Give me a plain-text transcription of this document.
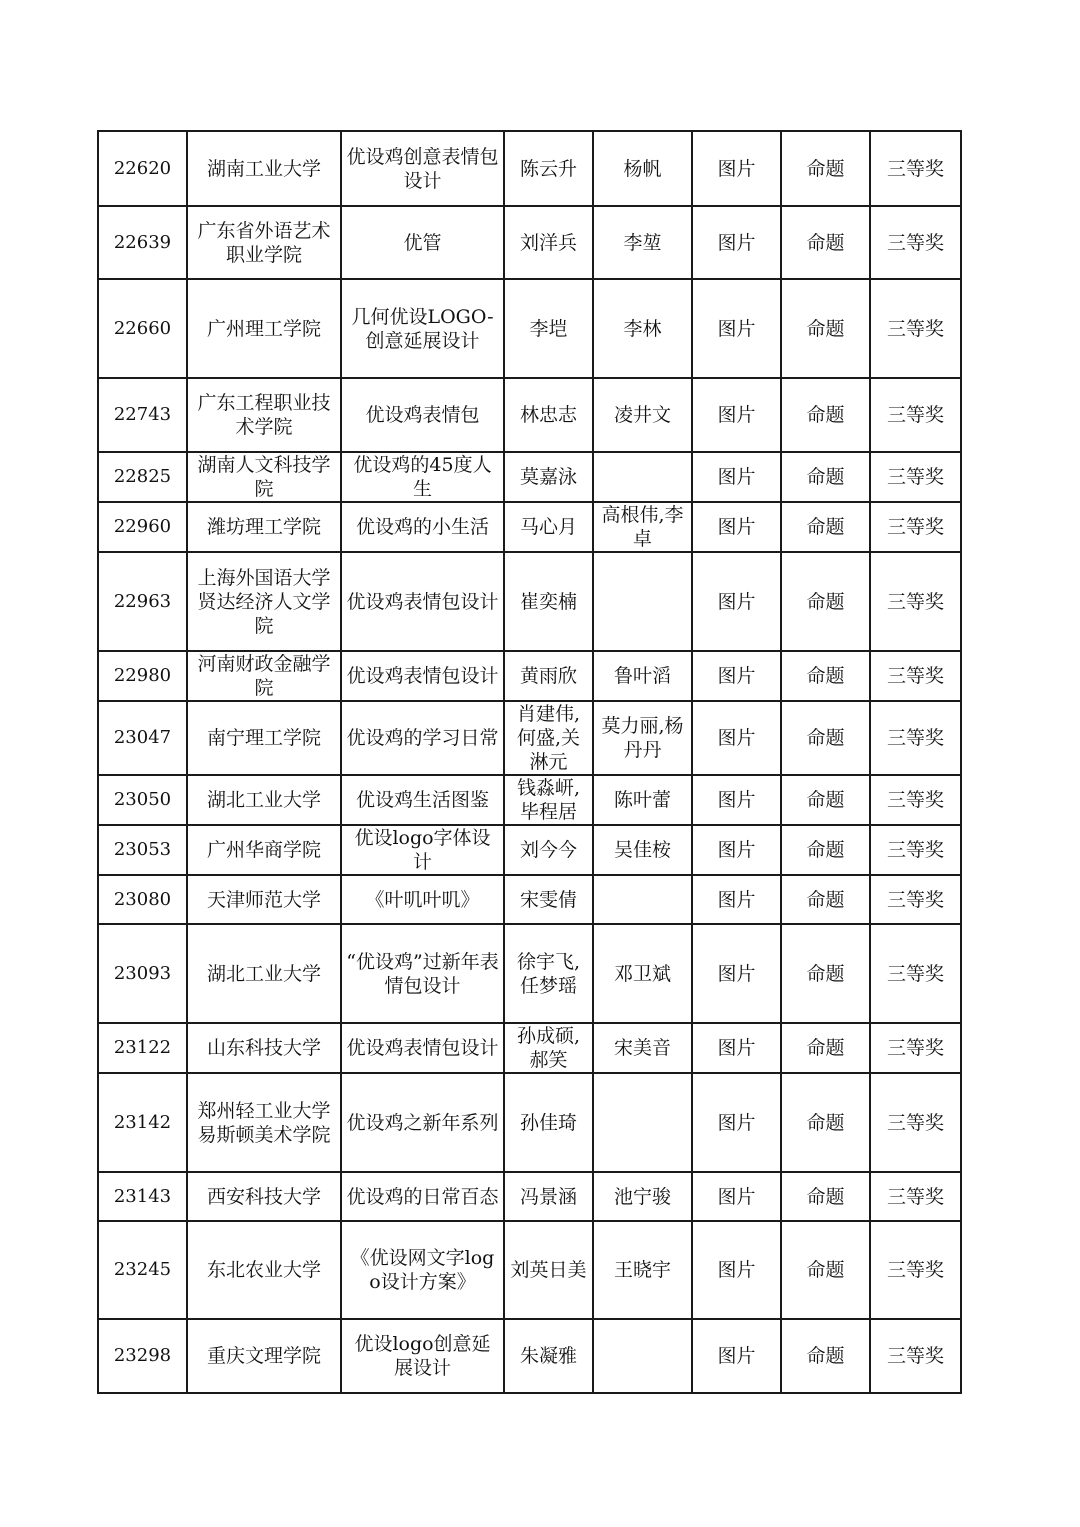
22620	湖南工业大学	优设鸡创意表情包设计	陈云升	杨帆	图片	命题	三等奖
22639	广东省外语艺术职业学院	优管	刘洋兵	李堃	图片	命题	三等奖
22660	广州理工学院	几何优设LOGO-创意延展设计	李垲	李林	图片	命题	三等奖
22743	广东工程职业技术学院	优设鸡表情包	林忠志	凌井文	图片	命题	三等奖
22825	湖南人文科技学院	优设鸡的45度人生	莫嘉泳		图片	命题	三等奖
22960	潍坊理工学院	优设鸡的小生活	马心月	高根伟,李卓	图片	命题	三等奖
22963	上海外国语大学贤达经济人文学院	优设鸡表情包设计	崔奕楠		图片	命题	三等奖
22980	河南财政金融学院	优设鸡表情包设计	黄雨欣	鲁叶滔	图片	命题	三等奖
23047	南宁理工学院	优设鸡的学习日常	肖建伟,何盛,关淋元	莫力丽,杨丹丹	图片	命题	三等奖
23050	湖北工业大学	优设鸡生活图鉴	钱淼岍,毕程居	陈叶蕾	图片	命题	三等奖
23053	广州华商学院	优设logo字体设计	刘今今	吴佳桉	图片	命题	三等奖
23080	天津师范大学	《叶叽叶叽》	宋雯倩		图片	命题	三等奖
23093	湖北工业大学	“优设鸡”过新年表情包设计	徐宇飞,任梦瑶	邓卫斌	图片	命题	三等奖
23122	山东科技大学	优设鸡表情包设计	孙成硕,郝笑	宋美音	图片	命题	三等奖
23142	郑州轻工业大学易斯顿美术学院	优设鸡之新年系列	孙佳琦		图片	命题	三等奖
23143	西安科技大学	优设鸡的日常百态	冯景涵	池宁骏	图片	命题	三等奖
23245	东北农业大学	《优设网文字logo设计方案》	刘英日美	王晓宇	图片	命题	三等奖
23298	重庆文理学院	优设logo创意延展设计	朱凝雅		图片	命题	三等奖
